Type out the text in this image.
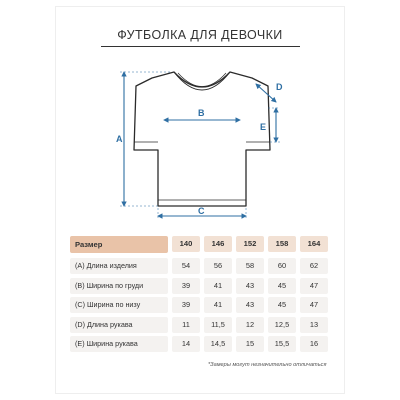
ФУТБОЛКА ДЛЯ ДЕВОЧКИ
A
B
C
D
E
Размер	140	146	152	158	164
(A) Длина изделия	54	56	58	60	62
(B) Ширина по груди	39	41	43	45	47
(C) Ширина по низу	39	41	43	45	47
(D) Длина рукава	11	11,5	12	12,5	13
(E) Ширина рукава	14	14,5	15	15,5	16
*Замеры могут незначительно отличаться
